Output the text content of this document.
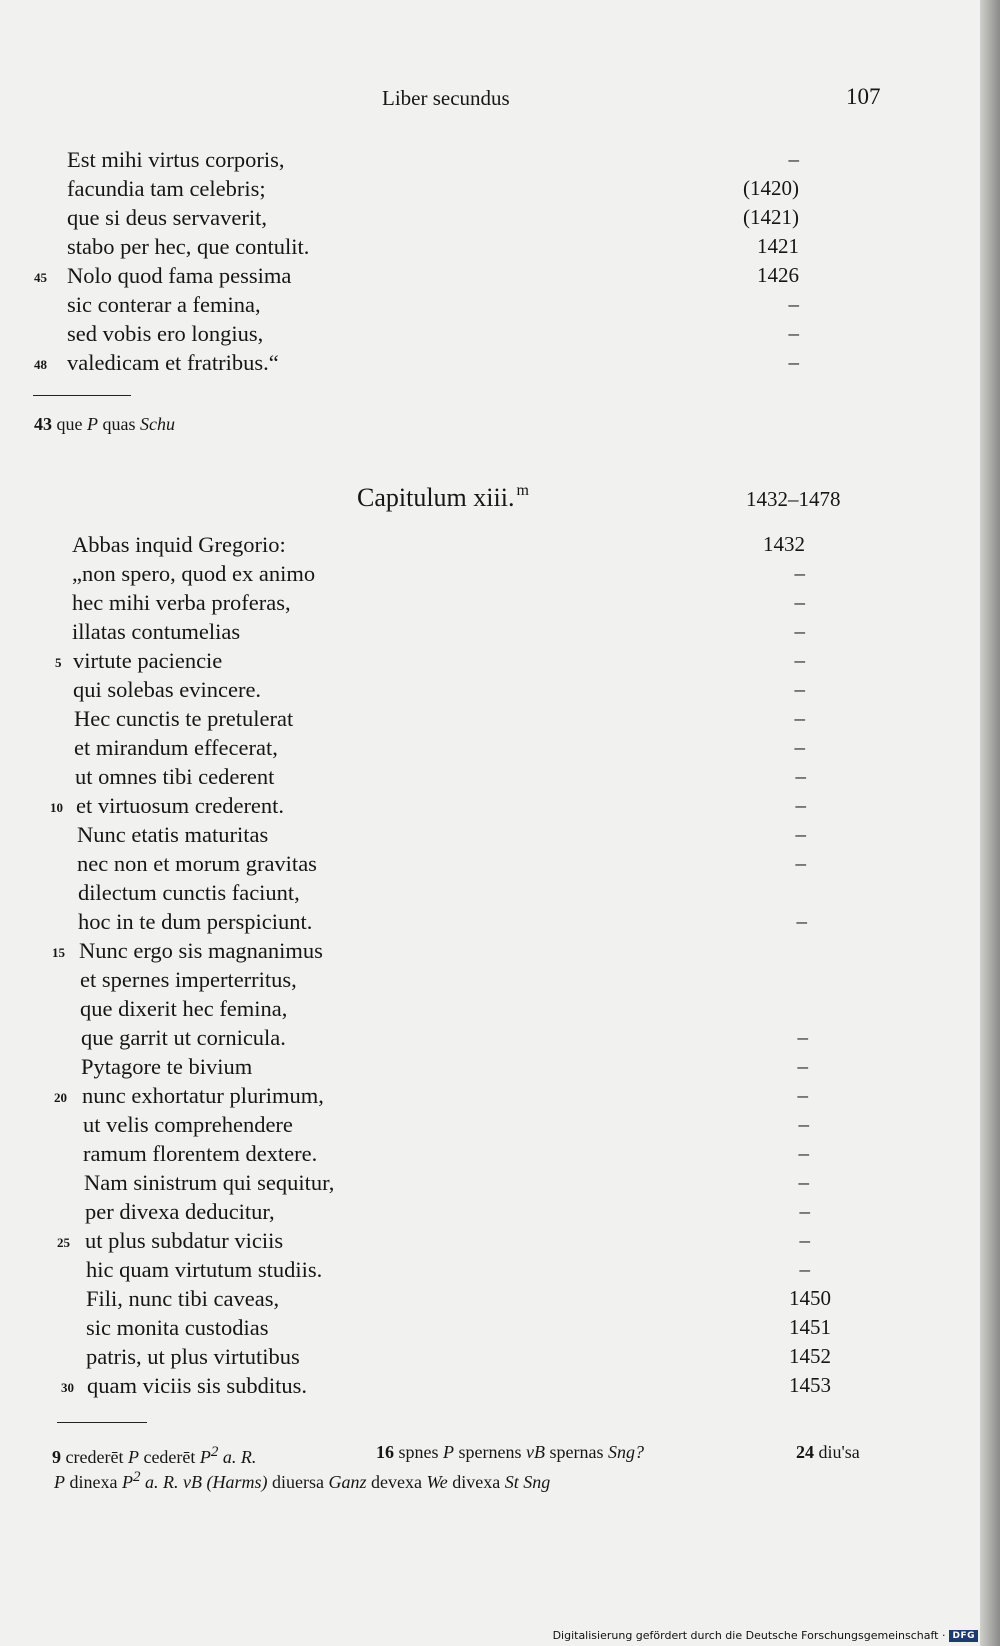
Liber secundus	107
Est mihi virtus corporis,	–
facundia tam celebris;	(1420)
que si deus servaverit,	(1421)
stabo per hec, que contulit.	1421
45 Nolo quod fama pessima	1426
sic conterar a femina,	–
sed vobis ero longius,	–
48 valedicam et fratribus.“	–
43 que P quas Schu
Capitulum xiii. $^m$	1432–1478
Abbas inquid Gregorio:	1432
„non spero, quod ex animo	–
hec mihi verba proferas,	–
illatas contumelias	–
5 virtute paciencie	–
qui solebas evincere.	–
Hec cunctis te pretulerat	–
et mirandum effecerat,	–
ut omnes tibi cederent	–
10 et virtuosum crederent.	–
Nunc etatis maturitas	–
nec non et morum gravitas	–
dilectum cunctis faciunt,
hoc in te dum perspiciunt.	–
15 Nunc ergo sis magnanimus
et spernes imperterritus,
que dixerit hec femina,
que garrit ut cornicula.	–
Pytagore te bivium	–
20 nunc exhortatur plurimum,	–
ut velis comprehendere	–
ramum florentem dextere.	–
Nam sinistrum qui sequitur,	–
per divexa deducitur,	–
25 ut plus subdatur viciis	–
hic quam virtutum studiis.	–
Fili, nunc tibi caveas,	1450
sic monita custodias	1451
patris, ut plus virtutibus	1452
30 quam viciis sis subditus.	1453
9 crederēt P cederēt $P^2$ a. R.	16 spnes P spernens vB spernas Sng?	24 diu'sa
P dinexa $P^2$ a. R. vB (Harms) diuersa Ganz devexa We divexa St Sng
Digitalisierung gefördert durch die Deutsche Forschungsgemeinschaft · DFG
